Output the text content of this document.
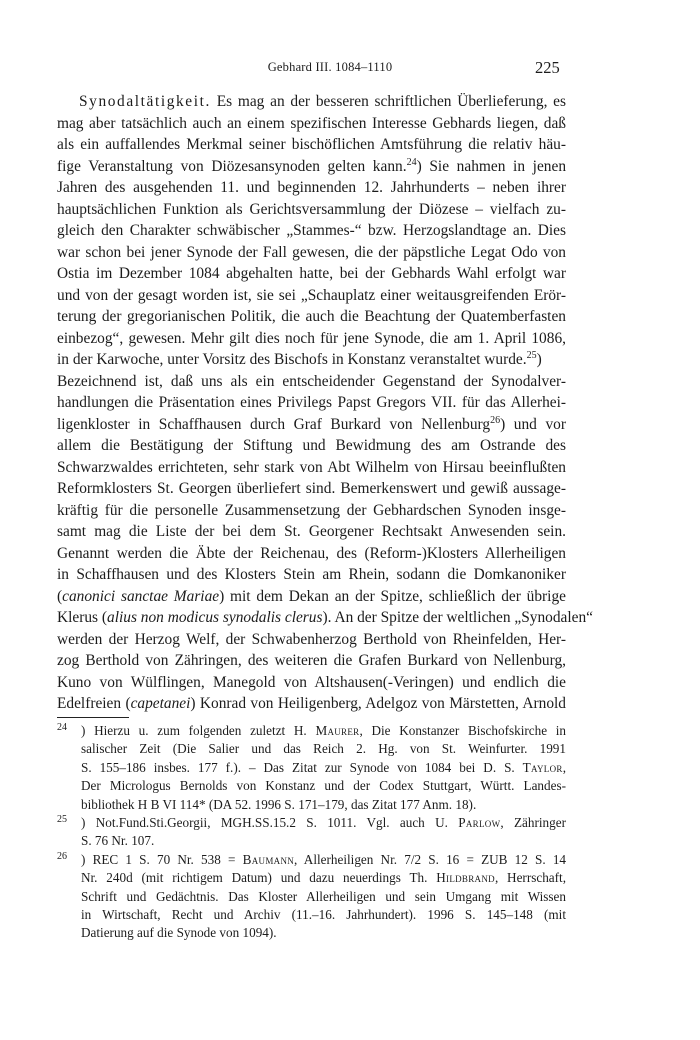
Gebhard III. 1084–1110	225
Synodaltätigkeit. Es mag an der besseren schriftlichen Überlieferung, es
mag aber tatsächlich auch an einem spezifischen Interesse Gebhards liegen, daß
als ein auffallendes Merkmal seiner bischöflichen Amtsführung die relativ häu-
fige Veranstaltung von Diözesansynoden gelten kann.$^{24}$) Sie nahmen in jenen
Jahren des ausgehenden 11. und beginnenden 12. Jahrhunderts – neben ihrer
hauptsächlichen Funktion als Gerichtsversammlung der Diözese – vielfach zu-
gleich den Charakter schwäbischer „Stammes-“ bzw. Herzogslandtage an. Dies
war schon bei jener Synode der Fall gewesen, die der päpstliche Legat Odo von
Ostia im Dezember 1084 abgehalten hatte, bei der Gebhards Wahl erfolgt war
und von der gesagt worden ist, sie sei „Schauplatz einer weitausgreifenden Erör-
terung der gregorianischen Politik, die auch die Beachtung der Quatemberfasten
einbezog“, gewesen. Mehr gilt dies noch für jene Synode, die am 1. April 1086,
in der Karwoche, unter Vorsitz des Bischofs in Konstanz veranstaltet wurde.$^{25}$)
Bezeichnend ist, daß uns als ein entscheidender Gegenstand der Synodalver-
handlungen die Präsentation eines Privilegs Papst Gregors VII. für das Allerhei-
ligenkloster in Schaffhausen durch Graf Burkard von Nellenburg$^{26}$) und vor
allem die Bestätigung der Stiftung und Bewidmung des am Ostrande des
Schwarzwaldes errichteten, sehr stark von Abt Wilhelm von Hirsau beeinflußten
Reformklosters St. Georgen überliefert sind. Bemerkenswert und gewiß aussage-
kräftig für die personelle Zusammensetzung der Gebhardschen Synoden insge-
samt mag die Liste der bei dem St. Georgener Rechtsakt Anwesenden sein.
Genannt werden die Äbte der Reichenau, des (Reform-)Klosters Allerheiligen
in Schaffhausen und des Klosters Stein am Rhein, sodann die Domkanoniker
(canonici sanctae Mariae) mit dem Dekan an der Spitze, schließlich der übrige
Klerus (alius non modicus synodalis clerus). An der Spitze der weltlichen „Synodalen“
werden der Herzog Welf, der Schwabenherzog Berthold von Rheinfelden, Her-
zog Berthold von Zähringen, des weiteren die Grafen Burkard von Nellenburg,
Kuno von Wülflingen, Manegold von Altshausen(-Veringen) und endlich die
Edelfreien (capetanei) Konrad von Heiligenberg, Adelgoz von Märstetten, Arnold
24 ) Hierzu u. zum folgenden zuletzt H. Maurer, Die Konstanzer Bischofskirche in
salischer Zeit (Die Salier und das Reich 2. Hg. von St. Weinfurter. 1991
S. 155–186 insbes. 177 f.). – Das Zitat zur Synode von 1084 bei D. S. Taylor,
Der Micrologus Bernolds von Konstanz und der Codex Stuttgart, Württ. Landes-
bibliothek H B VI 114* (DA 52. 1996 S. 171–179, das Zitat 177 Anm. 18).
25 ) Not.Fund.Sti.Georgii, MGH.SS.15.2 S. 1011. Vgl. auch U. Parlow, Zähringer
S. 76 Nr. 107.
26 ) REC 1 S. 70 Nr. 538 = Baumann, Allerheiligen Nr. 7/2 S. 16 = ZUB 12 S. 14
Nr. 240d (mit richtigem Datum) und dazu neuerdings Th. Hildbrand, Herrschaft,
Schrift und Gedächtnis. Das Kloster Allerheiligen und sein Umgang mit Wissen
in Wirtschaft, Recht und Archiv (11.–16. Jahrhundert). 1996 S. 145–148 (mit
Datierung auf die Synode von 1094).
